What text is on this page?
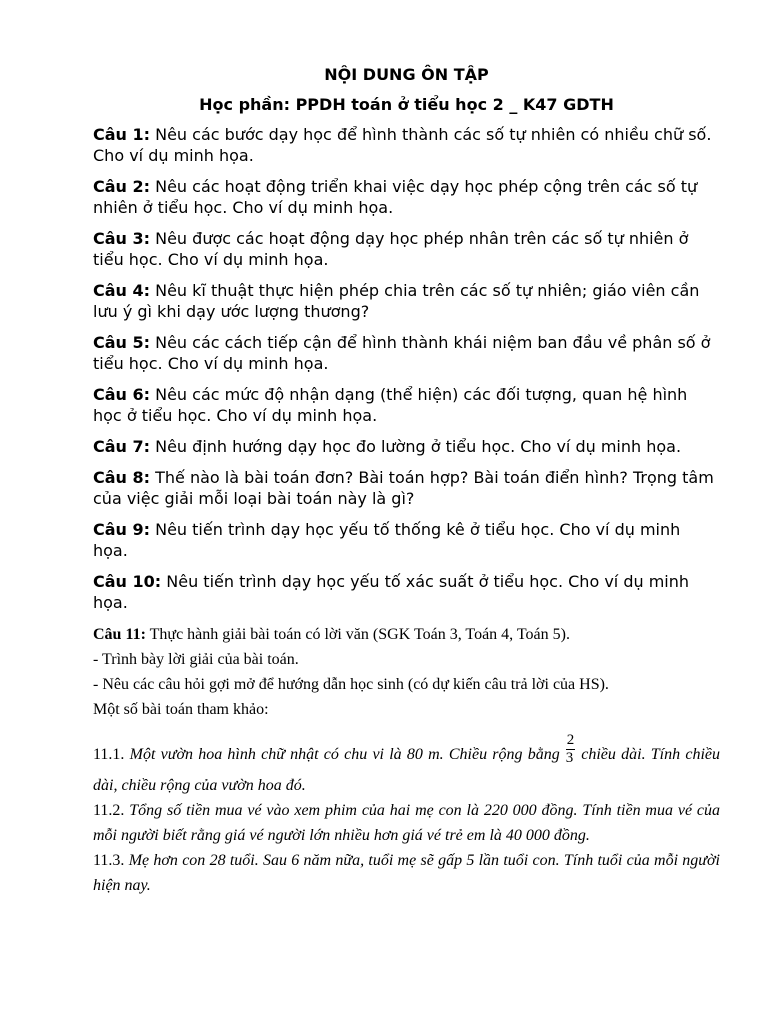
NỘI DUNG ÔN TẬP

Học phần: PPDH toán ở tiểu học 2 _ K47 GDTH

Câu 1: Nêu các bước dạy học để hình thành các số tự nhiên có nhiều chữ số. Cho ví dụ minh họa.

Câu 2: Nêu các hoạt động triển khai việc dạy học phép cộng trên các số tự nhiên ở tiểu học. Cho ví dụ minh họa.

Câu 3: Nêu được các hoạt động dạy học phép nhân trên các số tự nhiên ở tiểu học. Cho ví dụ minh họa.

Câu 4: Nêu kĩ thuật thực hiện phép chia trên các số tự nhiên; giáo viên cần lưu ý gì khi dạy ước lượng thương?

Câu 5: Nêu các cách tiếp cận để hình thành khái niệm ban đầu về phân số ở tiểu học. Cho ví dụ minh họa.

Câu 6: Nêu các mức độ nhận dạng (thể hiện) các đối tượng, quan hệ hình học ở tiểu học. Cho ví dụ minh họa.

Câu 7: Nêu định hướng dạy học đo lường ở tiểu học. Cho ví dụ minh họa.

Câu 8: Thế nào là bài toán đơn? Bài toán hợp? Bài toán điển hình? Trọng tâm của việc giải mỗi loại bài toán này là gì?

Câu 9: Nêu tiến trình dạy học yếu tố thống kê ở tiểu học. Cho ví dụ minh họa.

Câu 10: Nêu tiến trình dạy học yếu tố xác suất ở tiểu học. Cho ví dụ minh họa.

Câu 11: Thực hành giải bài toán có lời văn (SGK Toán 3, Toán 4, Toán 5).

- Trình bày lời giải của bài toán.

- Nêu các câu hỏi gợi mở để hướng dẫn học sinh (có dự kiến câu trả lời của HS).

Một số bài toán tham khảo:

11.1. Một vườn hoa hình chữ nhật có chu vi là 80 m. Chiều rộng bằng $\frac{2}{3}$ chiều dài. Tính chiều dài, chiều rộng của vườn hoa đó.

11.2. Tổng số tiền mua vé vào xem phim của hai mẹ con là 220 000 đồng. Tính tiền mua vé của mỗi người biết rằng giá vé người lớn nhiều hơn giá vé trẻ em là 40 000 đồng.

11.3. Mẹ hơn con 28 tuổi. Sau 6 năm nữa, tuổi mẹ sẽ gấp 5 lần tuổi con. Tính tuổi của mỗi người hiện nay.
